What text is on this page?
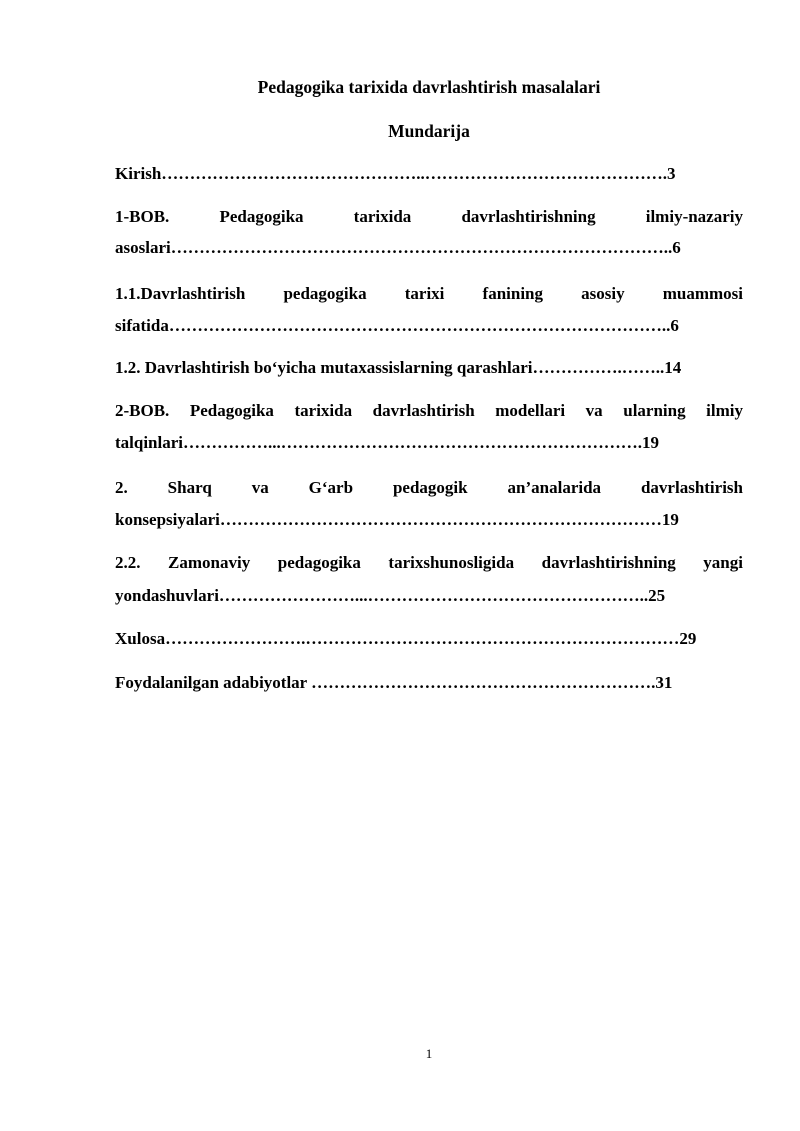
Pedagogika tarixida davrlashtirish masalalari
Mundarija
Kirish………………………………………..…………………………………….3
1-BOB. Pedagogika tarixida davrlashtirishning ilmiy-nazariy
asoslari……………………………………………………………………………..6
1.1.Davrlashtirish pedagogika tarixi fanining asosiy muammosi
sifatida……………………………………………………………………………..6
1.2. Davrlashtirish bo‘yicha mutaxassislarning qarashlari…………….……..14
2-BOB. Pedagogika tarixida davrlashtirish modellari va ularning ilmiy
talqinlari……………...……………………………………………………….19
2. Sharq va G‘arb pedagogik an’analarida davrlashtirish
konsepsiyalari……………………………………………………………………19
2.2. Zamonaviy pedagogika tarixshunosligida davrlashtirishning yangi
yondashuvlari……………………...…………………………………………..25
Xulosa…………………….…………………………………………………………29
Foydalanilgan adabiyotlar …………………………………………………….31
1
